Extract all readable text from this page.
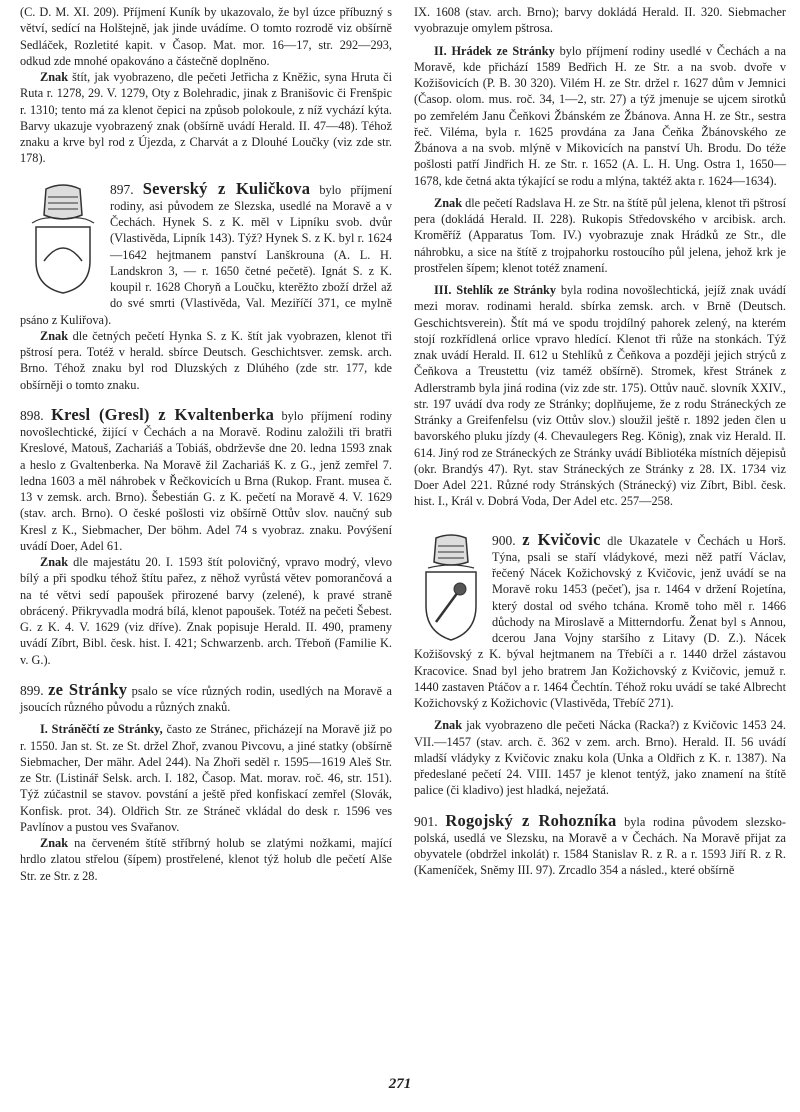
(C. D. M. XI. 209). Příjmení Kuník by ukazovalo, že byl úzce příbuzný s větví, sedící na Holštejně, jak jinde uvádíme. O tomto rozrodě viz obšírně Sedláček, Rozletité kapit. v Časop. Mat. mor. 16—17, str. 292—293, odkud zde mnohé opakováno a částečně doplněno.

Znak štít, jak vyobrazeno, dle pečeti Jetřicha z Kněžic, syna Hruta či Ruta r. 1278, 29. V. 1279, Oty z Bolehradic, jinak z Branišovic či Frenšpic r. 1310; tento má za klenot čepici na způsob polokoule, z níž vychází kýta. Barvy ukazuje vyobrazený znak (obšírně uvádí Herald. II. 47—48). Téhož znaku a krve byl rod z Újezda, z Charvát a z Dlouhé Loučky (viz zde str. 178).

897. Severský z Kuličkova bylo příjmení rodiny, asi původem ze Slezska, usedlé na Moravě a v Čechách. Hynek S. z K. měl v Lipníku svob. dvůr (Vlastivěda, Lipník 143). Týž? Hynek S. z K. byl r. 1624—1642 hejtmanem panství Lanškrouna (A. L. H. Landskron 3, — r. 1650 četné pečetě). Ignát S. z K. koupil r. 1628 Choryň a Loučku, kterěžto zboží držel až do své smrti (Vlastivěda, Val. Meziříčí 371, ce mylně psáno z Kuliřova).

Znak dle četných pečetí Hynka S. z K. štít jak vyobrazen, klenot tři pštrosí pera. Totéž v herald. sbírce Deutsch. Geschichtsver. zemsk. arch. Brno. Téhož znaku byl rod Dluzských z Dlúhého (zde str. 177, kde obšírněji o tomto znaku.

898. Kresl (Gresl) z Kvaltenberka bylo příjmení rodiny novošlechtické, žijící v Čechách a na Moravě. Rodinu založili tři bratři Kreslové, Matouš, Zachariáš a Tobiáš, obdrževše dne 20. ledna 1593 znak a heslo z Gvaltenberka. Na Moravě žil Zachariáš K. z G., jenž zemřel 7. ledna 1603 a měl náhrobek v Řečkovicích u Brna (Rukop. Frant. musea č. 13 v zemsk. arch. Brno). Šebestián G. z K. pečetí na Moravě 4. V. 1629 (stav. arch. Brno). O české pošlosti viz obšírně Ottův slov. naučný sub Kresl z K., Siebmacher, Der böhm. Adel 74 s vyobraz. znaku. Povýšení uvádí Doer, Adel 61.

Znak dle majestátu 20. I. 1593 štít polovičný, vpravo modrý, vlevo bílý a při spodku téhož štítu pařez, z něhož vyrůstá větev pomorančová a na té větvi sedí papoušek přirozené barvy (zelené), k pravé straně obrácený. Přikryvadla modrá bílá, klenot papoušek. Totéž na pečeti Šebest. G. z K. 4. V. 1629 (viz dříve). Znak popisuje Herald. II. 490, prameny uvádí Zíbrt, Bibl. česk. hist. I. 421; Schwarzenb. arch. Třeboň (Familie K. v. G.).

899. ze Stránky psalo se více různých rodin, usedlých na Moravě a jsoucích různého původu a různých znaků.

I. Stráněčtí ze Stránky, často ze Stránec, přicházejí na Moravě již po r. 1550. Jan st. St. ze St. držel Zhoř, zvanou Pivcovu, a jiné statky (obšírně Siebmacher, Der mähr. Adel 244). Na Zhoři seděl r. 1595—1619 Aleš Str. ze Str. (Listinář Selsk. arch. I. 182, Časop. Mat. morav. roč. 46, str. 151). Týž zúčastnil se stavov. povstání a ještě před konfiskací zemřel (Slovák, Konfisk. prot. 34). Oldřich Str. ze Stráneč vkládal do desk r. 1596 ves Pavlínov a pustou ves Svařanov.

Znak na červeném štítě stříbrný holub se zlatými nožkami, mající hrdlo zlatou střelou (šípem) prostřelené, klenot týž holub dle pečetí Alše Str. ze Str. z 28.

IX. 1608 (stav. arch. Brno); barvy dokládá Herald. II. 320. Siebmacher vyobrazuje omylem pštrosa.

II. Hrádek ze Stránky bylo příjmení rodiny usedlé v Čechách a na Moravě, kde přichází 1589 Bedřich H. ze Str. a na svob. dvoře v Kožišovicích (P. B. 30 320). Vilém H. ze Str. držel r. 1627 dům v Jemnici (Časop. olom. mus. roč. 34, 1—2, str. 27) a týž jmenuje se ujcem sirotků po zemřelém Janu Čeňkovi Žbánském ze Žbánova. Anna H. ze Str., sestra řeč. Viléma, byla r. 1625 provdána za Jana Čeňka Žbánovského ze Žbánova a na svob. mlýně v Mikovicích na panství Uh. Brodu. Do téže pošlosti patří Jindřich H. ze Str. r. 1652 (A. L. H. Ung. Ostra 1, 1650—1678, kde četná akta týkající se rodu a mlýna, taktéž akta r. 1624—1634).

Znak dle pečetí Radslava H. ze Str. na štítě půl jelena, klenot tři pštrosí pera (dokládá Herald. II. 228). Rukopis Středovského v arcibisk. arch. Kroměříž (Apparatus Tom. IV.) vyobrazuje znak Hrádků ze Str., dle náhrobku, a sice na štítě z trojpahorku rostoucího půl jelena, jehož krk je prostřelen šípem; klenot totéž znamení.

III. Stehlík ze Stránky byla rodina novošlechtická, jejíž znak uvádí mezi morav. rodinami herald. sbírka zemsk. arch. v Brně (Deutsch. Geschichtsverein). Štít má ve spodu trojdílný pahorek zelený, na kterém stojí rozkřídlená orlice vpravo hledící. Klenot tři růže na stonkách. Týž znak uvádí Herald. II. 612 u Stehlíků z Čeňkova a později jejich strýců z Čeňkova a Treustettu (viz taméž obšírně). Stromek, křest Stránek z Adlerstramb byla jiná rodina (viz zde str. 175). Ottův nauč. slovník XXIV., str. 197 uvádí dva rody ze Stránky; doplňujeme, že z rodu Stráneckých ze Stránky a Greifenfelsu (viz Ottův slov.) sloužil ještě r. 1892 jeden člen u bavorského pluku jízdy (4. Chevaulegers Reg. König), znak viz Herald. II. 614. Jiný rod ze Stráneckých ze Stránky uvádí Bibliotéka místních dějepisů (okr. Brandýs 47). Ryt. stav Stráneckých ze Stránky z 28. IX. 1734 viz Doer Adel 221. Různé rody Stránských (Stránecký) viz Zíbrt, Bibl. česk. hist. I., Král v. Dobrá Voda, Der Adel etc. 257—258.

900. z Kvičovic dle Ukazatele v Čechách u Horš. Týna, psali se staří vládykové, mezi něž patří Václav, řečený Nácek Kožichovský z Kvičovic, jenž uvádí se na Moravě roku 1453 (pečeť), jsa r. 1464 v držení Rojetína, který dostal od svého tchána. Kromě toho měl r. 1466 důchody na Miroslavě a Mitterndorfu. Ženat byl s Annou, dcerou Jana Vojny staršího z Litavy (D. Z.). Nácek Kožišovský z K. býval hejtmanem na Třebíči a r. 1440 držel zástavou Kracovice. Snad byl jeho bratrem Jan Kožichovský z Kvičovic, jemuž r. 1440 zastaven Ptáčov a r. 1464 Čechtín. Téhož roku uvádí se také Albrecht Kožichovský z Kožichovic (Vlastivěda, Třebíč 271).

Znak jak vyobrazeno dle pečeti Nácka (Racka?) z Kvičovic 1453 24. VII.—1457 (stav. arch. č. 362 v zem. arch. Brno). Herald. II. 56 uvádí mladší vládyky z Kvičovic znaku kola (Unka a Oldřich z K. r. 1387). Na předeslané pečetí 24. VIII. 1457 je klenot tentýž, jako znamení na štítě palice (či kladivo) jest hladká, neježatá.

901. Rogojský z Rohozníka byla rodina původem slezsko-polská, usedlá ve Slezsku, na Moravě a v Čechách. Na Moravě přijat za obyvatele (obdržel inkolát) r. 1584 Stanislav R. z R. a r. 1593 Jiří R. z R. (Kameníček, Sněmy III. 97). Zrcadlo 354 a násled., které obšírně

271
